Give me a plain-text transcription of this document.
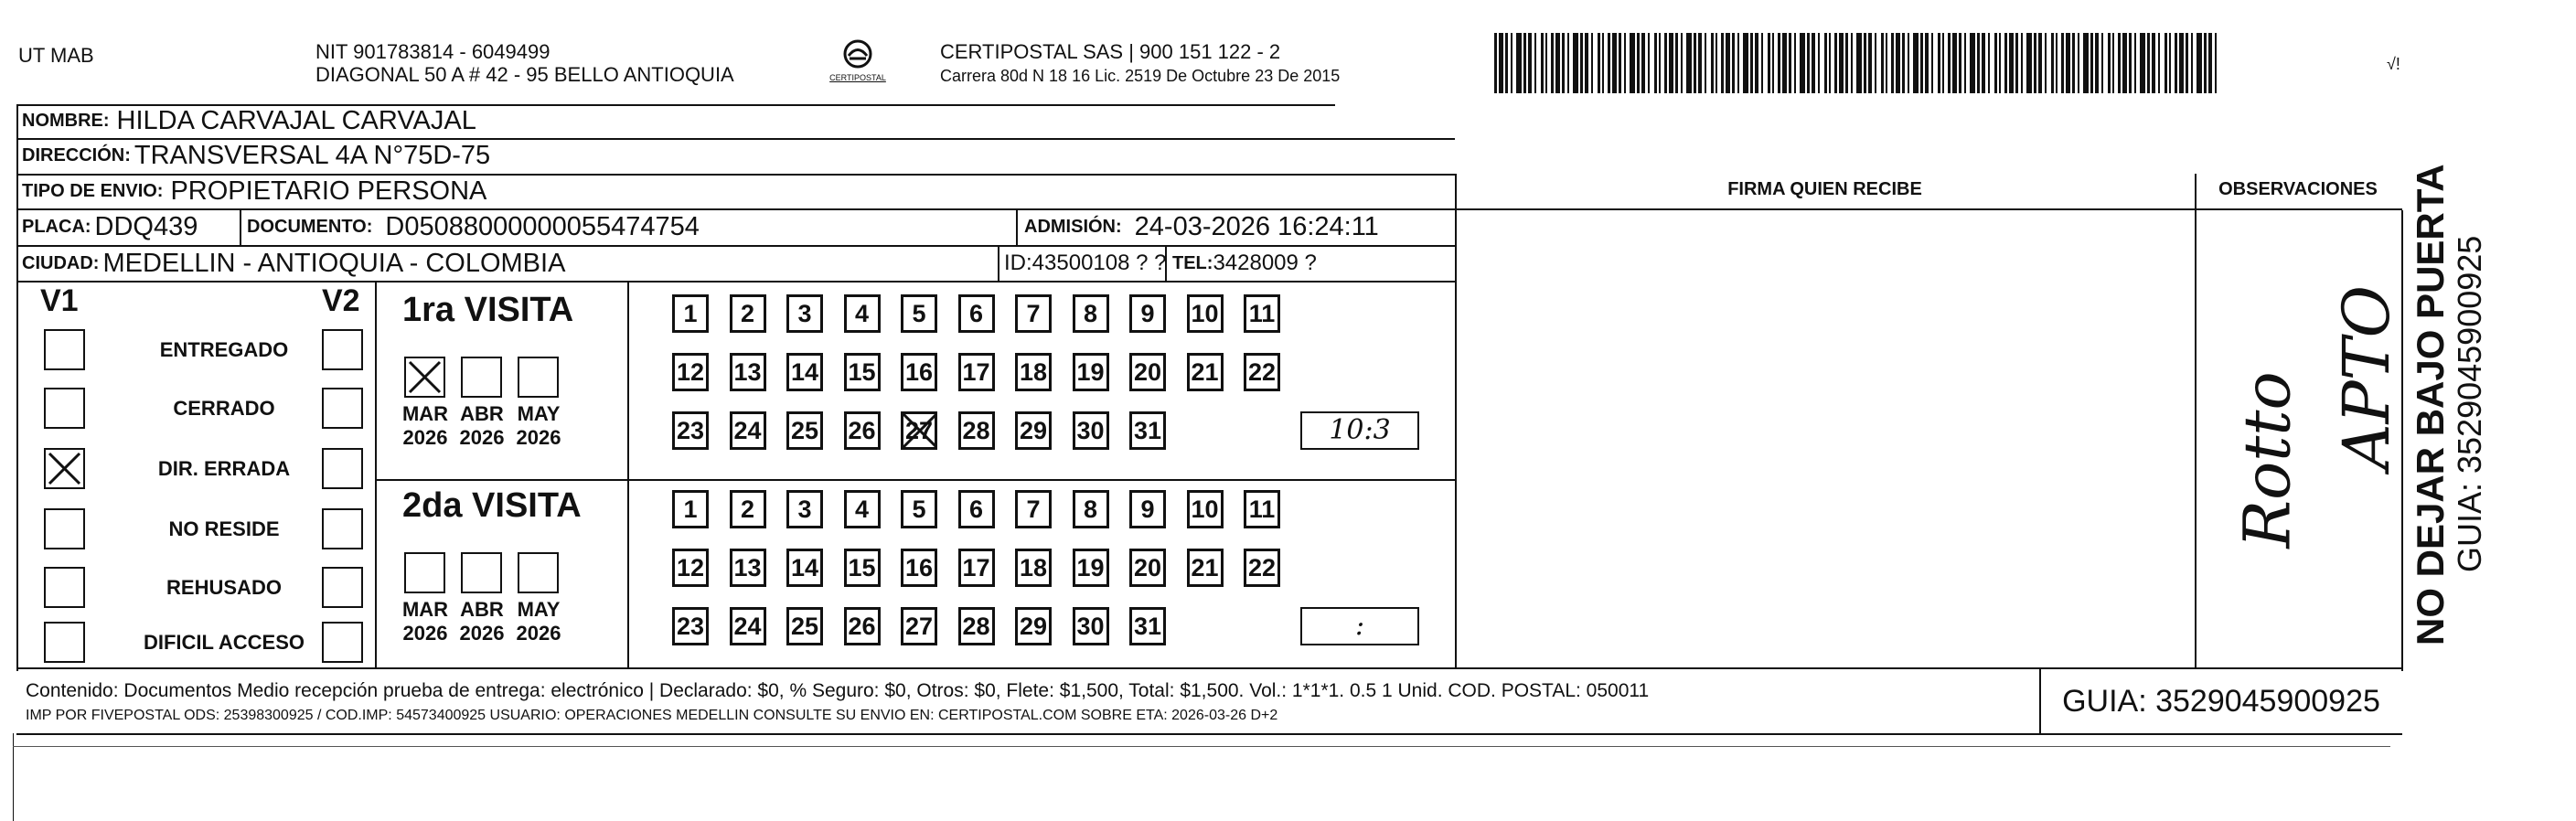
UT MAB	NIT 901783814 - 6049499
DIAGONAL 50 A # 42 - 95 BELLO ANTIOQUIA	CERTIPOSTAL
CERTIPOSTAL SAS | 900 151 122 - 2
Carrera 80d N 18 16 Lic. 2519 De Octubre 23 De 2015
√!
NOMBRE: HILDA CARVAJAL CARVAJAL
DIRECCIÓN: TRANSVERSAL 4A N°75D-75
TIPO DE ENVIO: PROPIETARIO PERSONA
PLACA: DDQ439	DOCUMENTO: D05088000000055474754	ADMISIÓN: 24-03-2026 16:24:11
CIUDAD: MEDELLIN - ANTIOQUIA - COLOMBIA	ID: 43500108 ? ? TEL: 3428009 ?
V1	V2
ENTREGADO
CERRADO
DIR. ERRADA
NO RESIDE
REHUSADO
DIFICIL ACCESO
1ra VISITA
2da VISITA
MAR
2026
ABR
2026
MAY
2026
1	2	3	4	5	6	7	8	9	10 11
12 13 14 15 16 17 18 19 20 21 22
23 24 25 26 27 28 29 30 31	10:3
MAR
2026
ABR
2026
MAY
2026
1	2	3	4	5	6	7	8	9	10 11
12 13 14 15 16 17 18 19 20 21 22
23 24 25 26 27 28 29 30 31	:
FIRMA QUIEN RECIBE	OBSERVACIONES
Rotto APTO
Contenido: Documentos Medio recepción prueba de entrega: electrónico | Declarado: $0, % Seguro: $0, Otros: $0, Flete: $1,500, Total: $1,500. Vol.: 1*1*1. 0.5 1 Unid. COD. POSTAL: 050011
IMP POR FIVEPOSTAL ODS: 25398300925 / COD.IMP: 54573400925 USUARIO: OPERACIONES MEDELLIN CONSULTE SU ENVIO EN: CERTIPOSTAL.COM SOBRE ETA: 2026-03-26 D+2	GUIA: 3529045900925
NO DEJAR BAJO PUERTA GUIA: 3529045900925
